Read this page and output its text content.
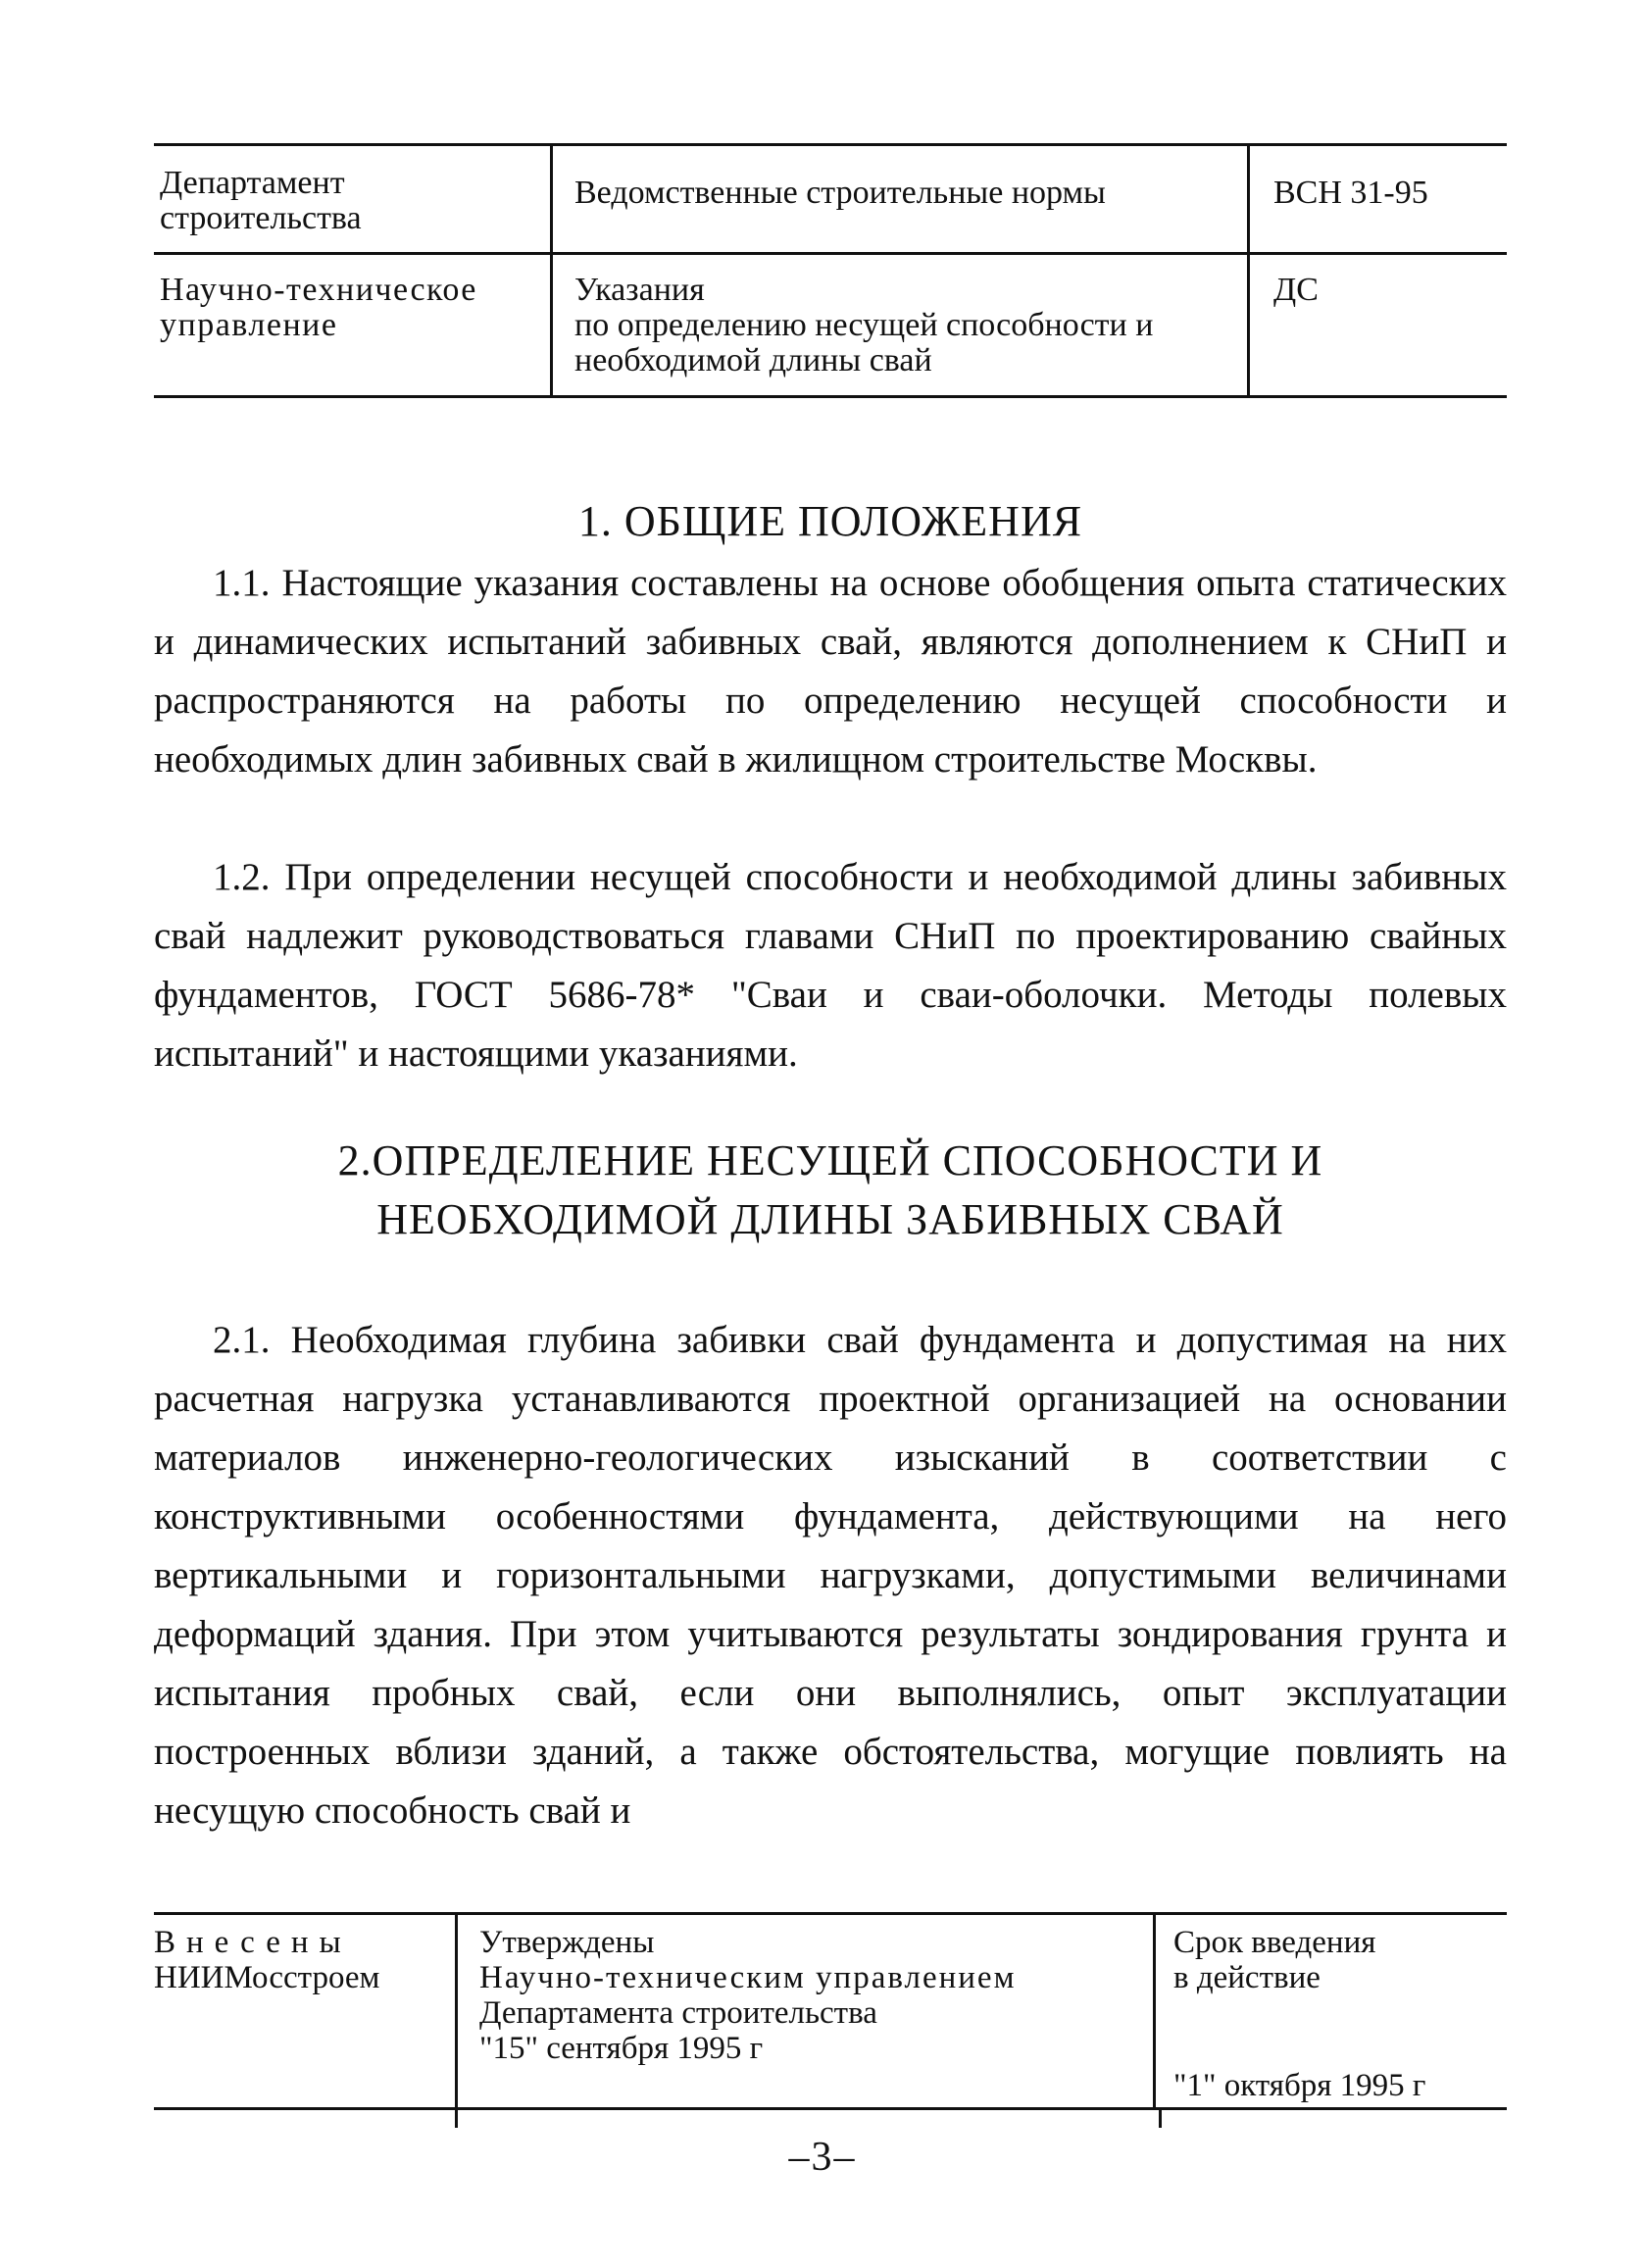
Департамент
строительства
Ведомственные строительные нормы	ВСН 31-95
Научно-техническое
управление
Указания
по определению несущей способности и
необходимой длины свай
ДС
1. ОБЩИЕ ПОЛОЖЕНИЯ

1.1. Настоящие указания составлены на основе обобщения опыта статических и динамических испытаний забивных свай, являются дополнением к СНиП и распространяются на работы по определению несущей способности и необходимых длин забивных свай в жилищном строительстве Москвы.

1.2. При определении несущей способности и необходимой длины забивных свай надлежит руководствоваться главами СНиП по проектированию свайных фундаментов, ГОСТ 5686-78* "Сваи и сваи-оболочки. Методы полевых испытаний" и настоящими указаниями.

2.ОПРЕДЕЛЕНИЕ НЕСУЩЕЙ СПОСОБНОСТИ И
НЕОБХОДИМОЙ ДЛИНЫ ЗАБИВНЫХ СВАЙ

2.1. Необходимая глубина забивки свай фундамента и допустимая на них расчетная нагрузка устанавливаются проектной организацией на основании материалов инженерно-геологических изысканий в соответствии с конструктивными особенностями фундамента, действующими на него вертикальными и горизонтальными нагрузками, допустимыми величинами деформаций здания. При этом учитываются результаты зондирования грунта и испытания пробных свай, если они выполнялись, опыт эксплуатации построенных вблизи зданий, а также обстоятельства, могущие повлиять на несущую способность свай и

Внесены
НИИМосстроем
Утверждены
Научно-техническим управлением
Департамента строительства
"15" сентября 1995 г
Срок введения
в действие
"1" октября 1995 г
–3–
